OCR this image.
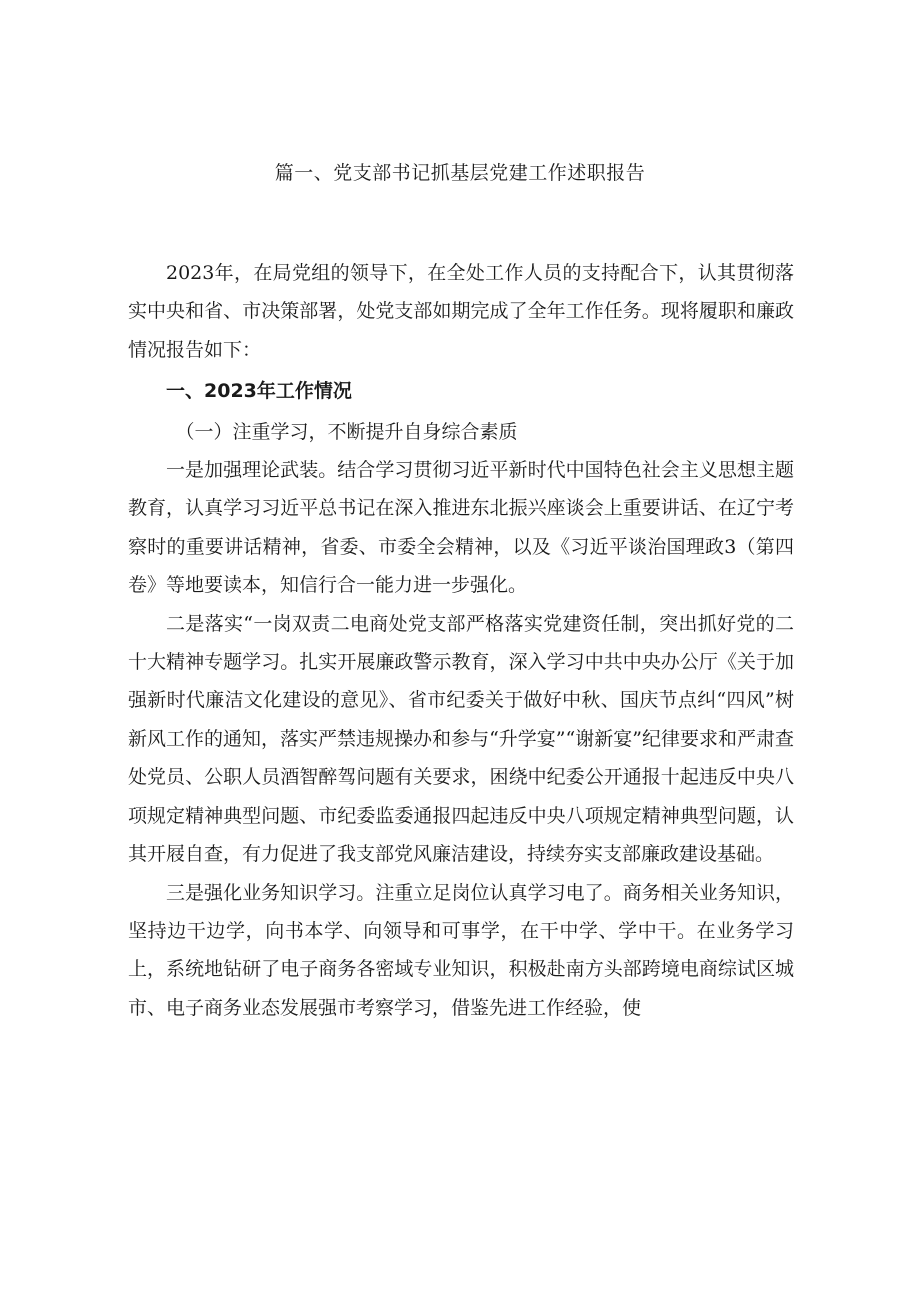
篇一、党支部书记抓基层党建工作述职报告

2023年，在局党组的领导下，在全处工作人员的支持配合下，认其贯彻落实中央和省、市决策部署，处党支部如期完成了全年工作任务。现将履职和廉政情况报告如下：

一、2023年工作情况

（一）注重学习，不断提升自身综合素质

一是加强理论武装。结合学习贯彻习近平新时代中国特色社会主义思想主题教育，认真学习习近平总书记在深入推进东北振兴座谈会上重要讲话、在辽宁考察时的重要讲话精神，省委、市委全会精神，以及《习近平谈治国理政3（第四卷》等地要读本，知信行合一能力进一步强化。

二是落实“一岗双责二电商处党支部严格落实党建资任制，突出抓好党的二十大精神专题学习。扎实开展廉政警示教育，深入学习中共中央办公厅《关于加强新时代廉洁文化建设的意见》、省市纪委关于做好中秋、国庆节点纠“四风”树新风工作的通知，落实严禁违规操办和参与“升学宴”“谢新宴”纪律要求和严肃查处党员、公职人员酒智醉驾问题有关要求，困绕中纪委公开通报十起违反中央八项规定精神典型问题、市纪委监委通报四起违反中央八项规定精神典型问题，认其开屐自查，有力促进了我支部党风廉洁建设，持续夯实支部廉政建设基础。

三是强化业务知识学习。注重立足岗位认真学习电了。商务相关业务知识，坚持边干边学，向书本学、向领导和可事学，在干中学、学中干。在业务学习上，系统地钻研了电子商务各密域专业知识，积极赴南方头部跨境电商综试区城市、电子商务业态发展强市考察学习，借鉴先进工作经验，使
